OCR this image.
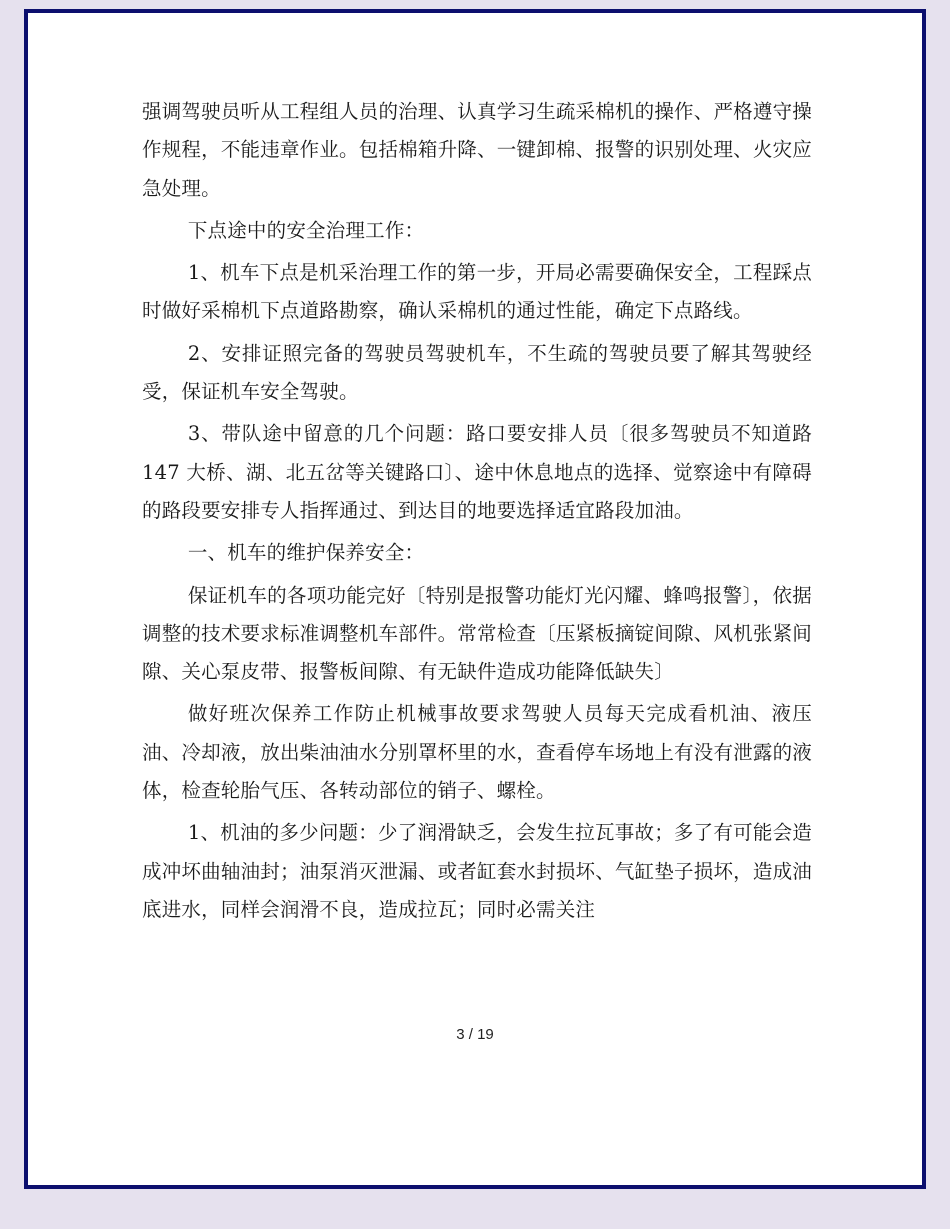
强调驾驶员听从工程组人员的治理、认真学习生疏采棉机的操作、严格遵守操作规程，不能违章作业。包括棉箱升降、一键卸棉、报警的识别处理、火灾应急处理。

下点途中的安全治理工作：

1、机车下点是机采治理工作的第一步，开局必需要确保安全，工程踩点时做好采棉机下点道路勘察，确认采棉机的通过性能，确定下点路线。

2、安排证照完备的驾驶员驾驶机车，不生疏的驾驶员要了解其驾驶经受，保证机车安全驾驶。

3、带队途中留意的几个问题：路口要安排人员〔很多驾驶员不知道路 147 大桥、湖、北五岔等关键路口〕、途中休息地点的选择、觉察途中有障碍的路段要安排专人指挥通过、到达目的地要选择适宜路段加油。

一、机车的维护保养安全：

保证机车的各项功能完好〔特别是报警功能灯光闪耀、蜂鸣报警〕，依据调整的技术要求标准调整机车部件。常常检查〔压紧板摘锭间隙、风机张紧间隙、关心泵皮带、报警板间隙、有无缺件造成功能降低缺失〕

做好班次保养工作防止机械事故要求驾驶人员每天完成看机油、液压油、冷却液，放出柴油油水分别罩杯里的水，查看停车场地上有没有泄露的液体，检查轮胎气压、各转动部位的销子、螺栓。

1、机油的多少问题：少了润滑缺乏，会发生拉瓦事故；多了有可能会造成冲坏曲轴油封；油泵消灭泄漏、或者缸套水封损坏、气缸垫子损坏，造成油底进水，同样会润滑不良，造成拉瓦；同时必需关注

3 / 19
